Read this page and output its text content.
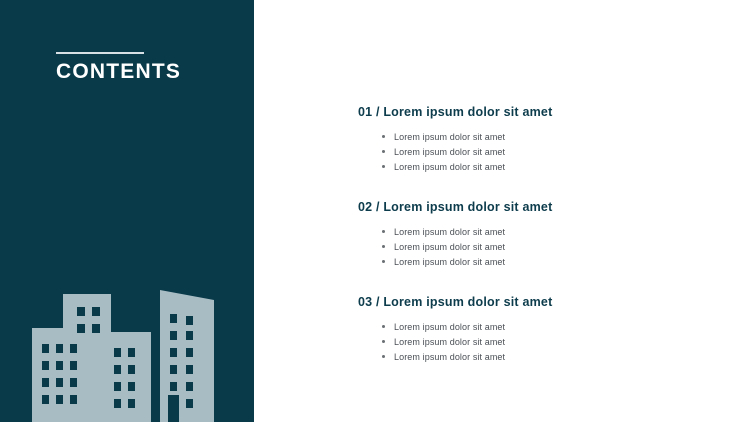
CONTENTS
01 / Lorem ipsum dolor sit amet
Lorem ipsum dolor sit amet
Lorem ipsum dolor sit amet
Lorem ipsum dolor sit amet
02 / Lorem ipsum dolor sit amet
Lorem ipsum dolor sit amet
Lorem ipsum dolor sit amet
Lorem ipsum dolor sit amet
03 / Lorem ipsum dolor sit amet
Lorem ipsum dolor sit amet
Lorem ipsum dolor sit amet
Lorem ipsum dolor sit amet
